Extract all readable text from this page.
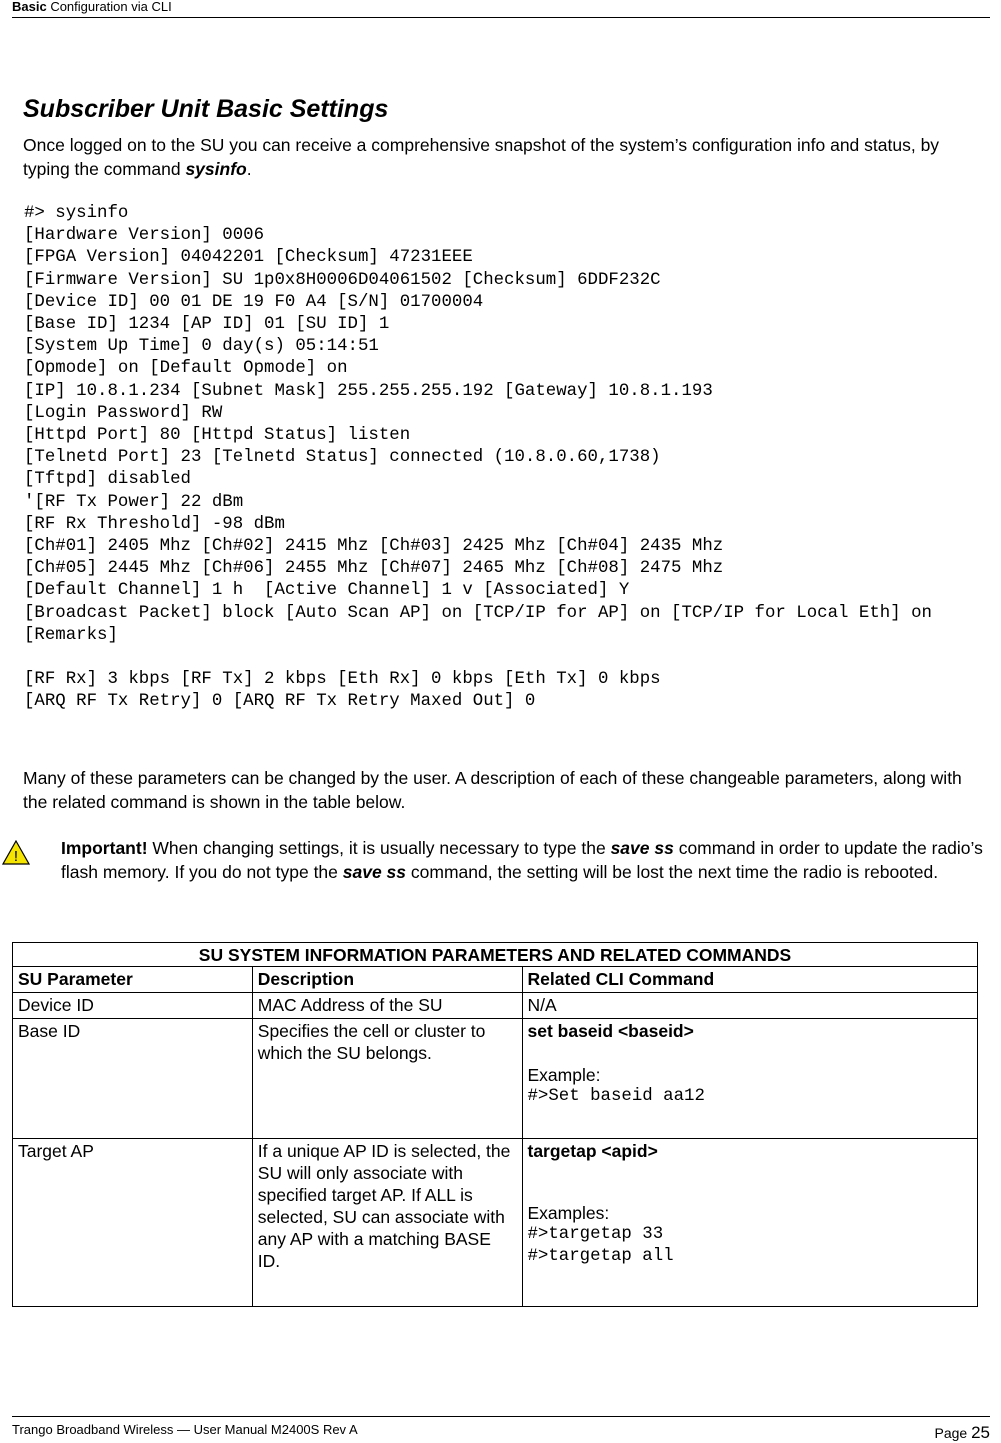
Basic Configuration via CLI
Subscriber Unit Basic Settings

Once logged on to the SU you can receive a comprehensive snapshot of the system’s configuration info and status, by typing the command sysinfo.

#> sysinfo
[Hardware Version] 0006
[FPGA Version] 04042201 [Checksum] 47231EEE
[Firmware Version] SU 1p0x8H0006D04061502 [Checksum] 6DDF232C
[Device ID] 00 01 DE 19 F0 A4 [S/N] 01700004
[Base ID] 1234 [AP ID] 01 [SU ID] 1
[System Up Time] 0 day(s) 05:14:51
[Opmode] on [Default Opmode] on
[IP] 10.8.1.234 [Subnet Mask] 255.255.255.192 [Gateway] 10.8.1.193
[Login Password] RW
[Httpd Port] 80 [Httpd Status] listen
[Telnetd Port] 23 [Telnetd Status] connected (10.8.0.60,1738)
[Tftpd] disabled
'[RF Tx Power] 22 dBm
[RF Rx Threshold] -98 dBm
[Ch#01] 2405 Mhz [Ch#02] 2415 Mhz [Ch#03] 2425 Mhz [Ch#04] 2435 Mhz
[Ch#05] 2445 Mhz [Ch#06] 2455 Mhz [Ch#07] 2465 Mhz [Ch#08] 2475 Mhz
[Default Channel] 1 h  [Active Channel] 1 v [Associated] Y
[Broadcast Packet] block [Auto Scan AP] on [TCP/IP for AP] on [TCP/IP for Local Eth] on
[Remarks]

[RF Rx] 3 kbps [RF Tx] 2 kbps [Eth Rx] 0 kbps [Eth Tx] 0 kbps
[ARQ RF Tx Retry] 0 [ARQ RF Tx Retry Maxed Out] 0

Many of these parameters can be changed by the user. A description of each of these changeable parameters, along with the related command is shown in the table below.

! Important! When changing settings, it is usually necessary to type the save ss command in order to update the radio’s flash memory. If you do not type the save ss command, the setting will be lost the next time the radio is rebooted.

SU SYSTEM INFORMATION PARAMETERS AND RELATED COMMANDS		
SU Parameter	Description	Related CLI Command
Device ID	MAC Address of the SU	N/A
Base ID	Specifies the cell or cluster to which the SU belongs.	set baseid <baseid>
Example:
#>Set baseid aa12

Target AP	If a unique AP ID is selected, the SU will only associate with specified target AP. If ALL is selected, SU can associate with any AP with a matching BASE ID.	targetap <apid>
Examples:
#>targetap 33
#>targetap all
Trango Broadband Wireless — User Manual M2400S Rev A	Page 25
